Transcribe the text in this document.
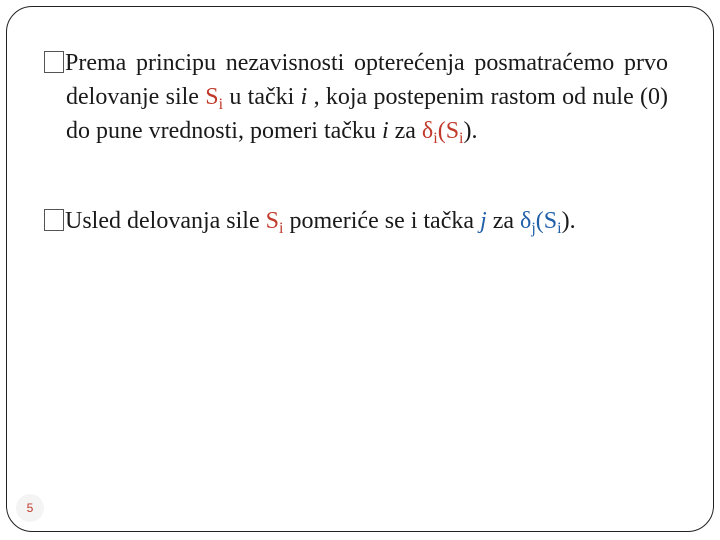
Prema principu nezavisnosti opterećenja posmatraćemo prvo delovanje sile $S_i$ u tački i , koja postepenim rastom od nule (0) do pune vrednosti, pomeri tačku i za $\delta_i(S_i)$.
Usled delovanja sile $S_i$ pomeriće se i tačka j za $\delta_j(S_i)$.
5
